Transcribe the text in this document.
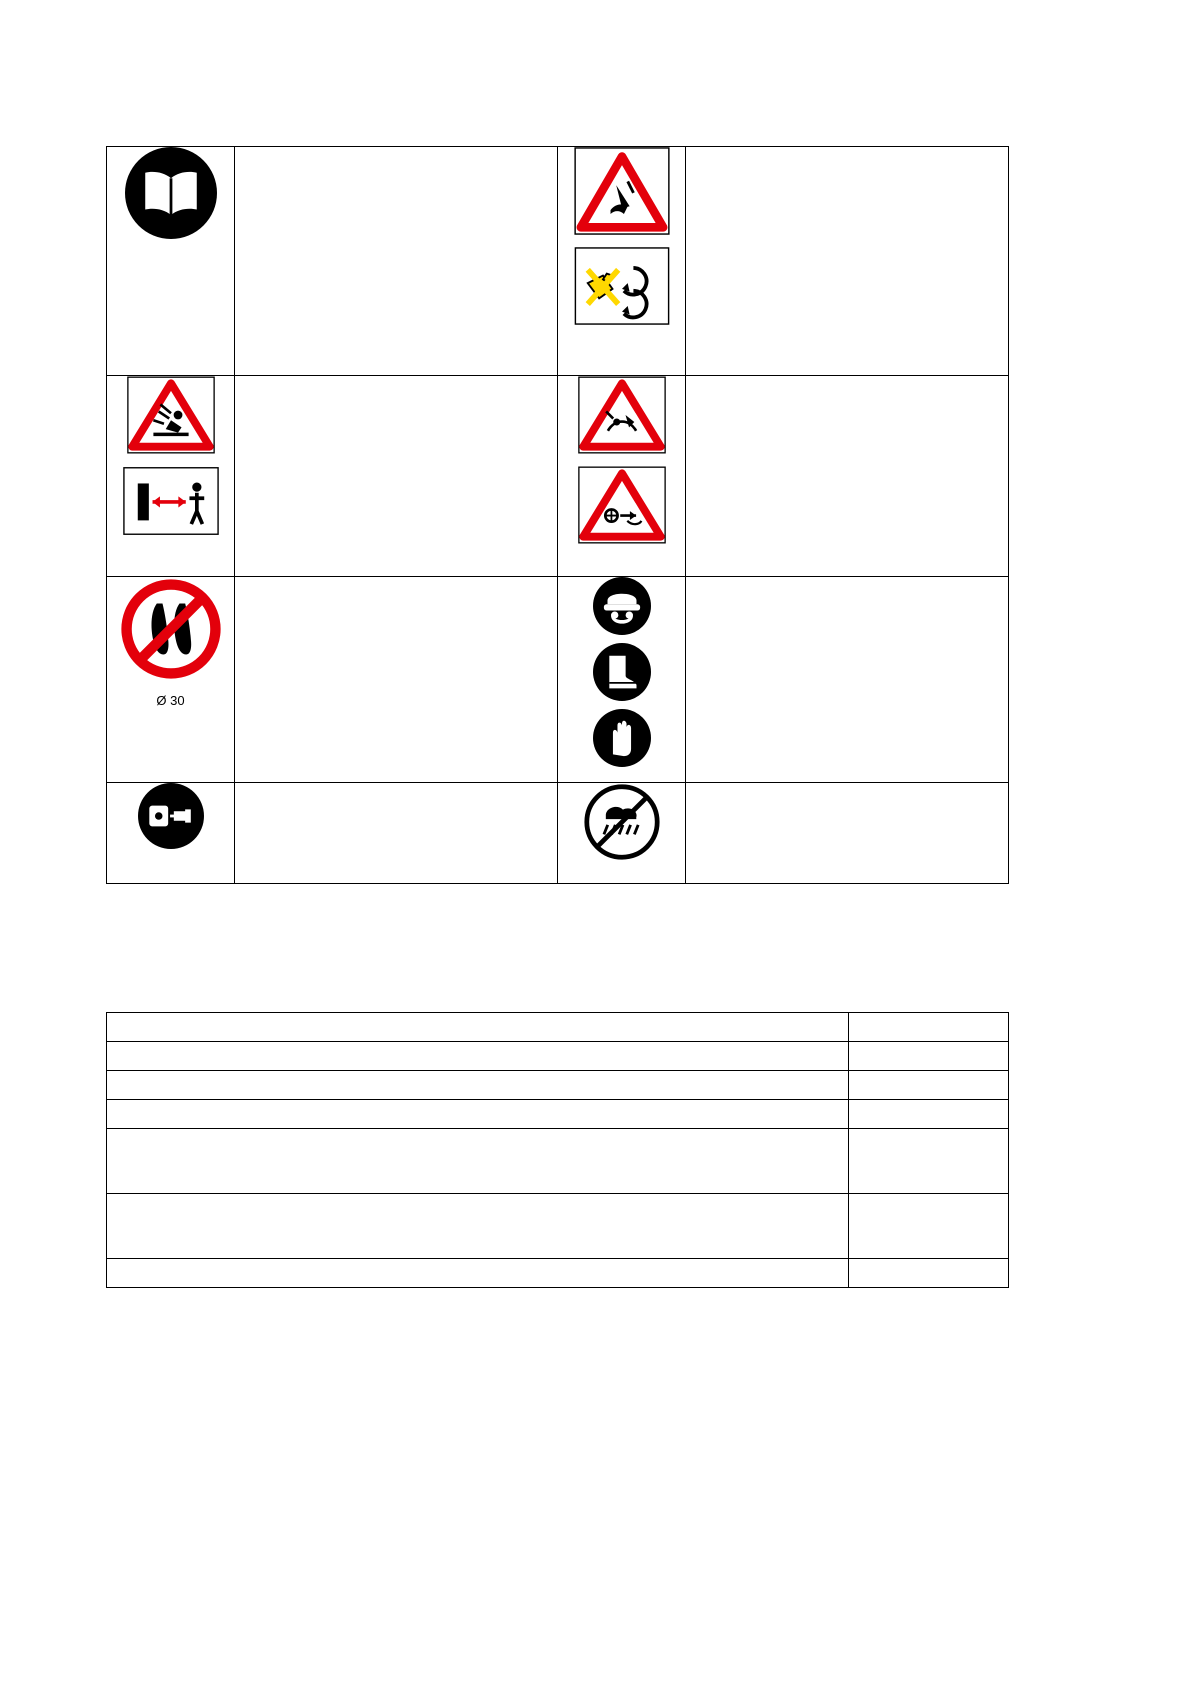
Ø 30
